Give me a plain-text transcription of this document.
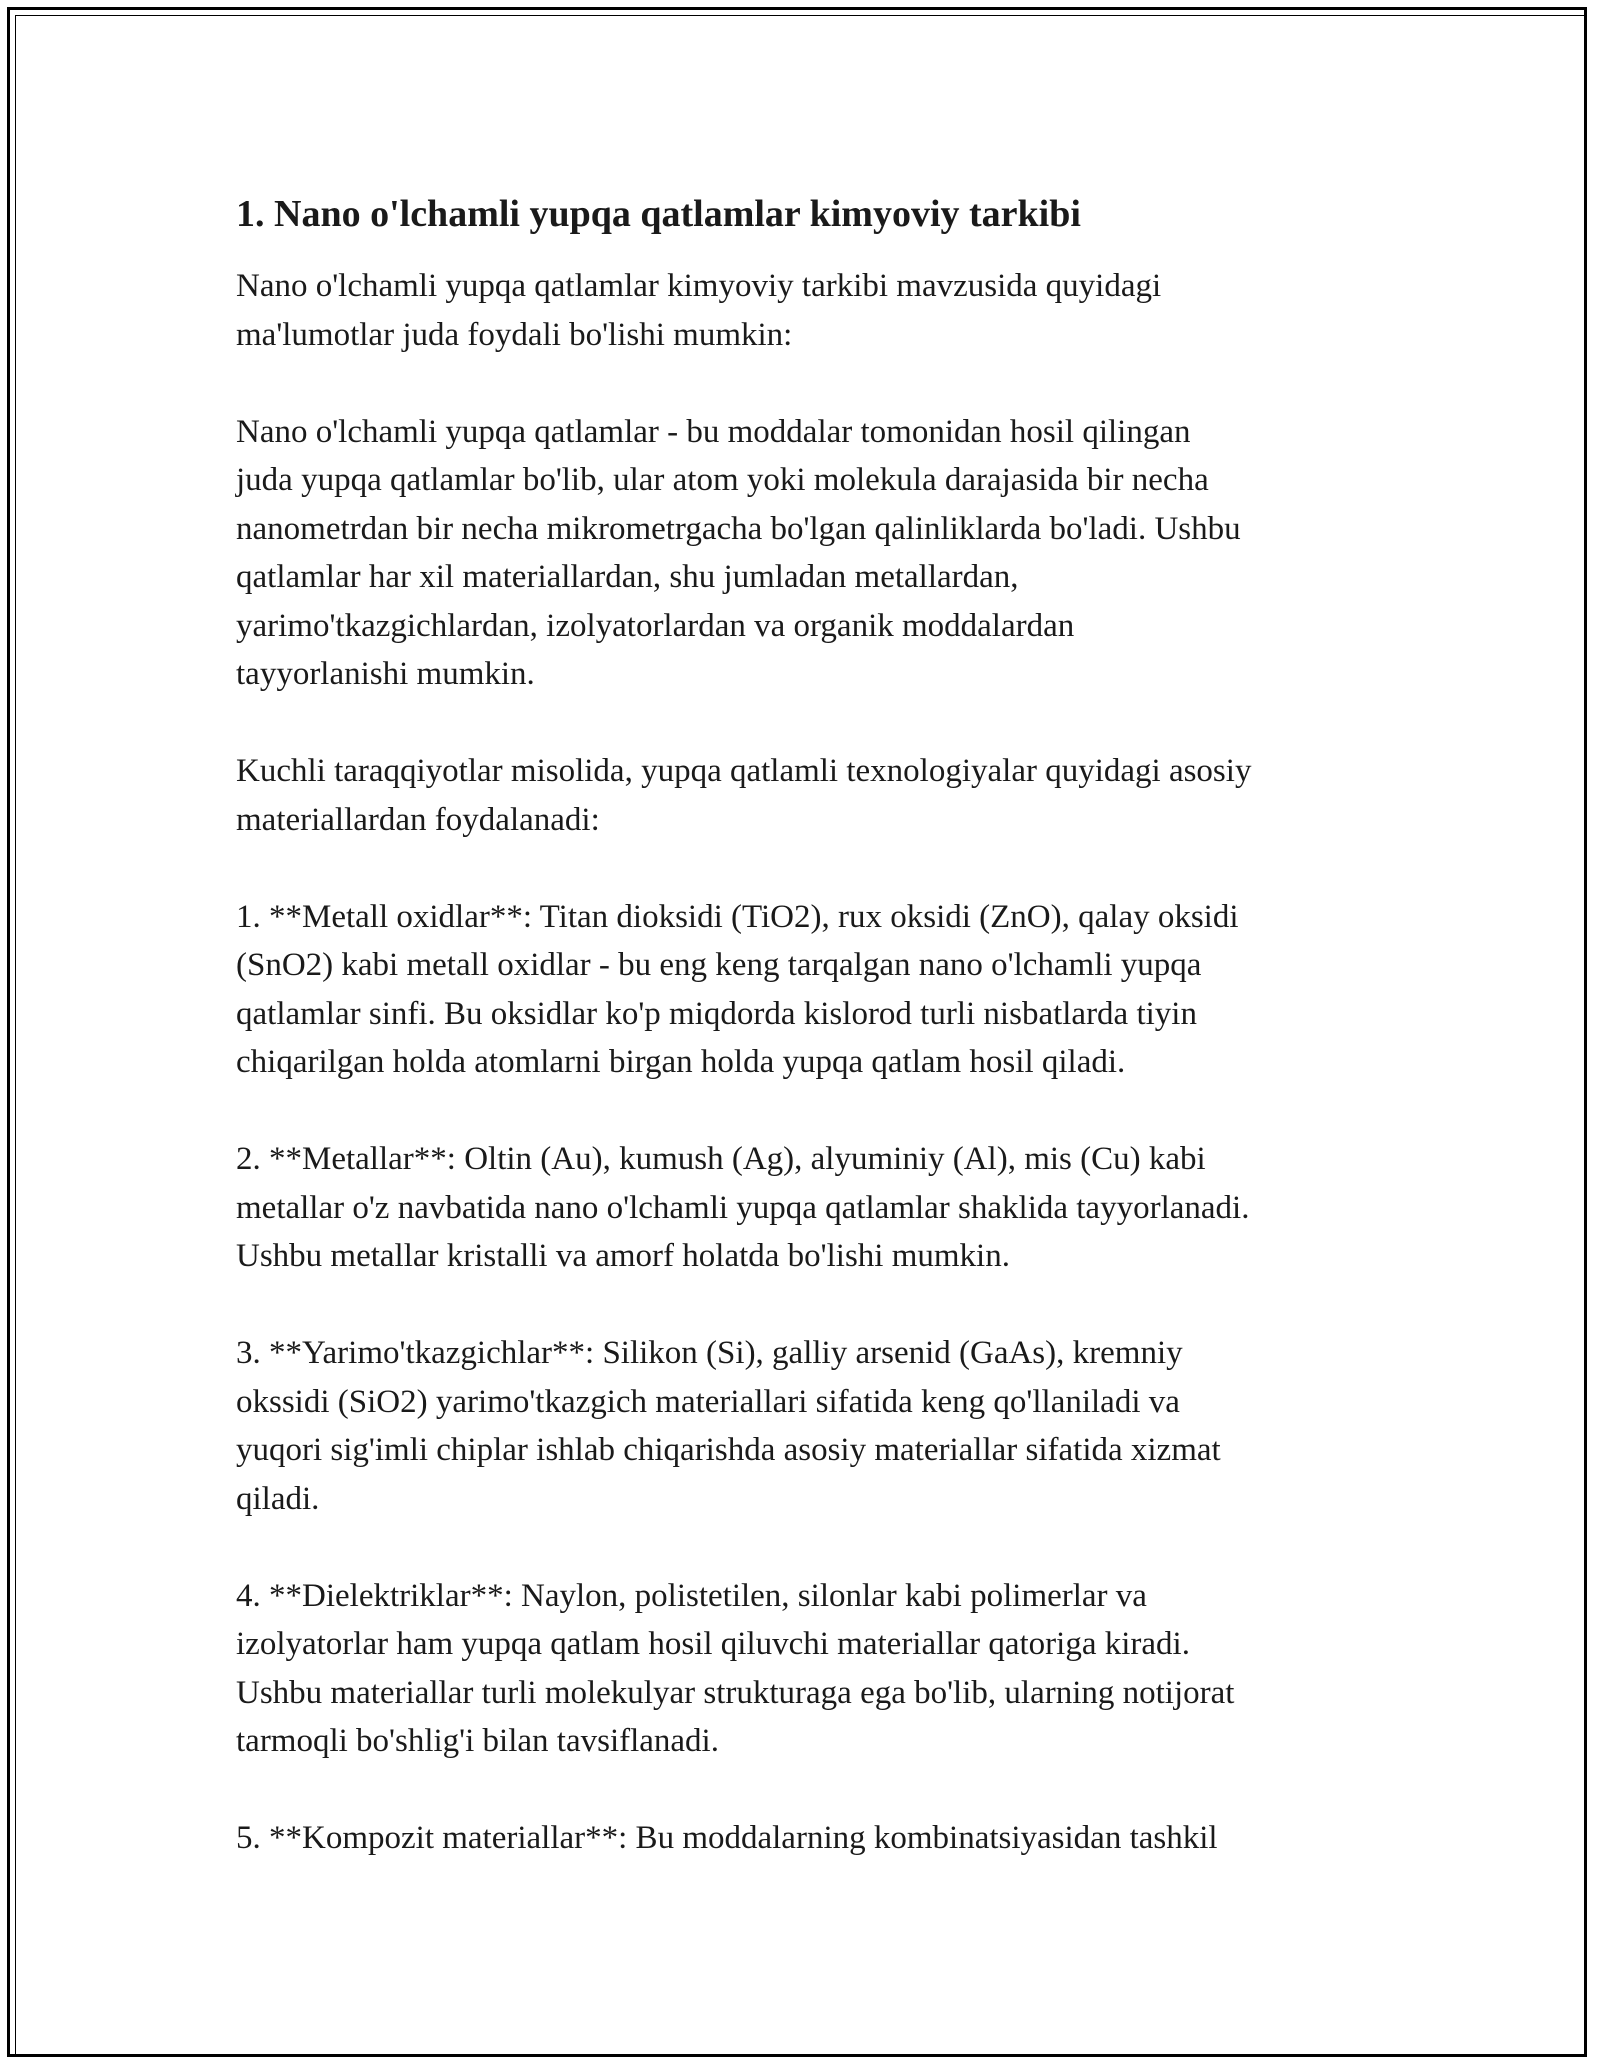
1. Nano o'lchamli yupqa qatlamlar kimyoviy tarkibi
Nano o'lchamli yupqa qatlamlar kimyoviy tarkibi mavzusida quyidagi
ma'lumotlar juda foydali bo'lishi mumkin:
Nano o'lchamli yupqa qatlamlar - bu moddalar tomonidan hosil qilingan
juda yupqa qatlamlar bo'lib, ular atom yoki molekula darajasida bir necha
nanometrdan bir necha mikrometrgacha bo'lgan qalinliklarda bo'ladi. Ushbu
qatlamlar har xil materiallardan, shu jumladan metallardan,
yarimo'tkazgichlardan, izolyatorlardan va organik moddalardan
tayyorlanishi mumkin.
Kuchli taraqqiyotlar misolida, yupqa qatlamli texnologiyalar quyidagi asosiy
materiallardan foydalanadi:
1. **Metall oxidlar**: Titan dioksidi (TiO2), rux oksidi (ZnO), qalay oksidi
(SnO2) kabi metall oxidlar - bu eng keng tarqalgan nano o'lchamli yupqa
qatlamlar sinfi. Bu oksidlar ko'p miqdorda kislorod turli nisbatlarda tiyin
chiqarilgan holda atomlarni birgan holda yupqa qatlam hosil qiladi.
2. **Metallar**: Oltin (Au), kumush (Ag), alyuminiy (Al), mis (Cu) kabi
metallar o'z navbatida nano o'lchamli yupqa qatlamlar shaklida tayyorlanadi.
Ushbu metallar kristalli va amorf holatda bo'lishi mumkin.
3. **Yarimo'tkazgichlar**: Silikon (Si), galliy arsenid (GaAs), kremniy
okssidi (SiO2) yarimo'tkazgich materiallari sifatida keng qo'llaniladi va
yuqori sig'imli chiplar ishlab chiqarishda asosiy materiallar sifatida xizmat
qiladi.
4. **Dielektriklar**: Naylon, polistetilen, silonlar kabi polimerlar va
izolyatorlar ham yupqa qatlam hosil qiluvchi materiallar qatoriga kiradi.
Ushbu materiallar turli molekulyar strukturaga ega bo'lib, ularning notijorat
tarmoqli bo'shlig'i bilan tavsiflanadi.
5. **Kompozit materiallar**: Bu moddalarning kombinatsiyasidan tashkil
